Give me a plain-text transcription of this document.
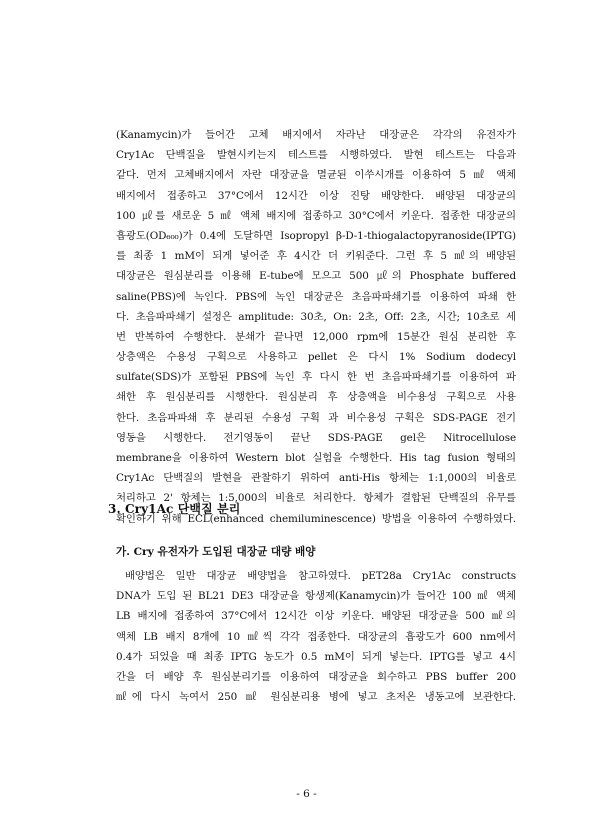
(Kanamycin)가 들어간 고체 배지에서 자라난 대장균은 각각의 유전자가
Cry1Ac 단백질을 발현시키는지 테스트를 시행하였다. 발현 테스트는 다음과
같다. 먼저 고체배지에서 자란 대장균을 멸균된 이쑤시개를 이용하여 5 ㎖ 액체
배지에서 접종하고 37°C에서 12시간 이상 진탕 배양한다. 배양된 대장균의
100 ㎕를 새로운 5 ㎖ 액체 배지에 접종하고 30°C에서 키운다. 접종한 대장균의
흡광도(OD₆₀₀)가 0.4에 도달하면 Isopropyl β-D-1-thiogalactopyranoside(IPTG)
를 최종 1 mM이 되게 넣어준 후 4시간 더 키워준다. 그런 후 5 ㎖의 배양된
대장균은 원심분리를 이용해 E-tube에 모으고 500 ㎕의 Phosphate buffered
saline(PBS)에 녹인다. PBS에 녹인 대장균은 초음파파쇄기를 이용하여 파쇄 한
다. 초음파파쇄기 설정은 amplitude: 30초, On: 2초, Off: 2초, 시간; 10초로 세
번 반복하여 수행한다. 분쇄가 끝나면 12,000 rpm에 15분간 원심 분리한 후
상층액은 수용성 구획으로 사용하고 pellet 은 다시 1% Sodium dodecyl
sulfate(SDS)가 포함된 PBS에 녹인 후 다시 한 번 초음파파쇄기를 이용하여 파
쇄한 후 원심분리를 시행한다. 원심분리 후 상층액을 비수용성 구획으로 사용
한다. 초음파파쇄 후 분리된 수용성 구획 과 비수용성 구획은 SDS-PAGE 전기
영동을 시행한다. 전기영동이 끝난 SDS-PAGE gel은 Nitrocellulose
membrane을 이용하여 Western blot 실험을 수행한다. His tag fusion 형태의
Cry1Ac 단백질의 발현을 관찰하기 위하여 anti-His 항체는 1:1,000의 비율로
처리하고 2' 항체는 1:5,000의 비율로 처리한다. 항체가 결합된 단백질의 유무를
확인하기 위해 ECL(enhanced chemiluminescence) 방법을 이용하여 수행하였다.
3. Cry1Ac 단백질 분리
가. Cry 유전자가 도입된 대장균 대량 배양
배양법은 일반 대장균 배양법을 참고하였다. pET28a Cry1Ac constructs
DNA가 도입 된 BL21 DE3 대장균을 항생제(Kanamycin)가 들어간 100 ㎖ 액체
LB 배지에 접종하여 37°C에서 12시간 이상 키운다. 배양된 대장균을 500 ㎖의
액체 LB 배지 8개에 10 ㎖씩 각각 접종한다. 대장균의 흡광도가 600 nm에서
0.4가 되었을 때 최종 IPTG 농도가 0.5 mM이 되게 넣는다. IPTG를 넣고 4시
간을 더 배양 후 원심분리기를 이용하여 대장균을 회수하고 PBS buffer 200
㎖에 다시 녹여서 250 ㎖ 원심분리용 병에 넣고 초저온 냉동고에 보관한다.
- 6 -
